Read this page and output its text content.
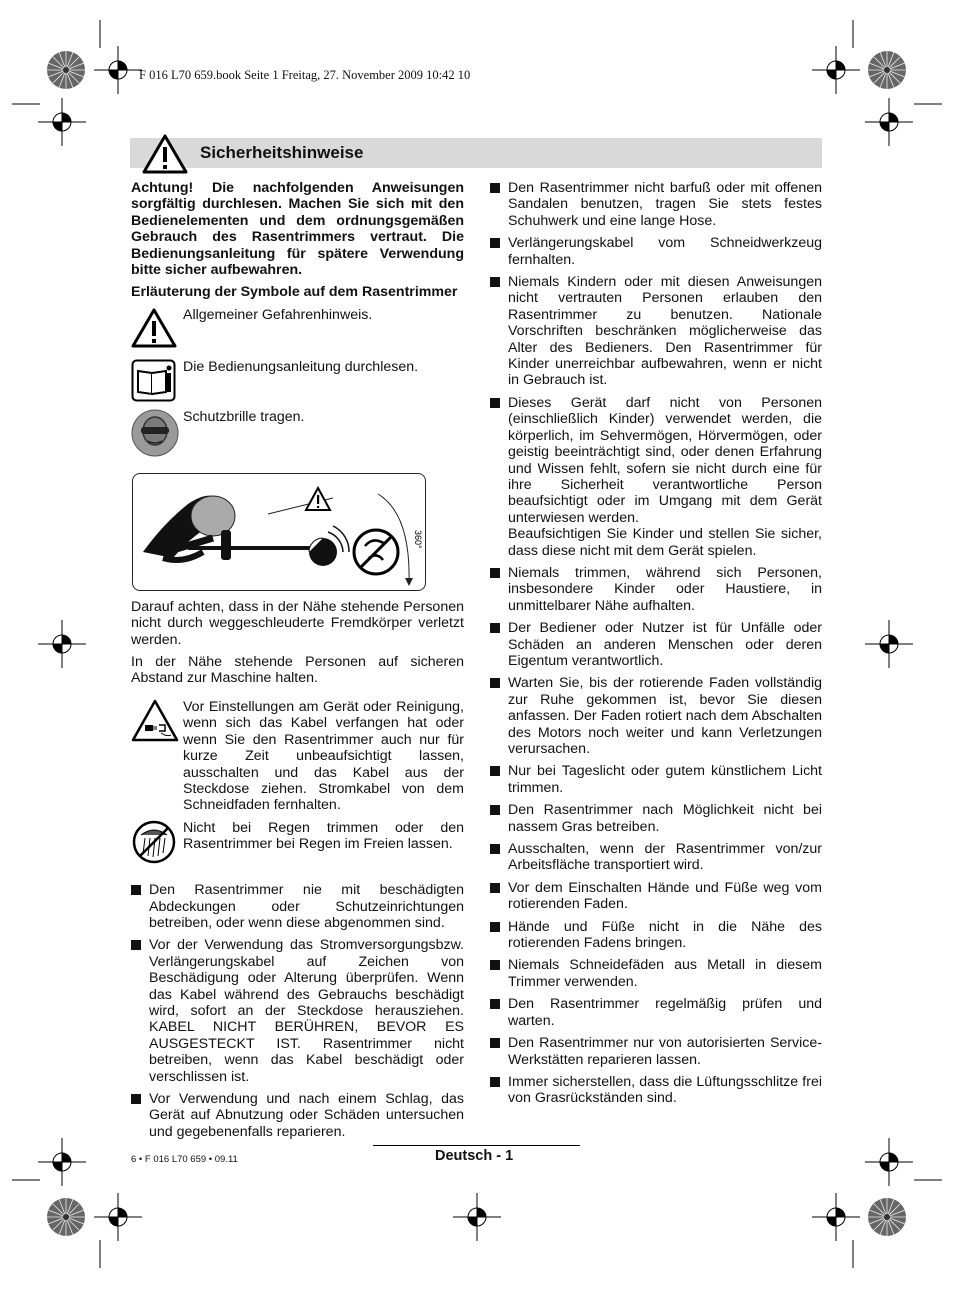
F 016 L70 659.book Seite 1 Freitag, 27. November 2009 10:42 10
Sicherheitshinweise

Achtung! Die nachfolgenden Anweisungen sorgfältig durchlesen. Machen Sie sich mit den Bedienelementen und dem ordnungsgemäßen Gebrauch des Rasentrimmers vertraut. Die Bedienungsanleitung für spätere Verwendung bitte sicher aufbewahren.

Erläuterung der Symbole auf dem Rasentrimmer

Allgemeiner Gefahrenhinweis.
Die Bedienungsanleitung durchlesen.
Schutzbrille tragen.
360°

Darauf achten, dass in der Nähe stehende Personen nicht durch weggeschleuderte Fremdkörper verletzt werden.

In der Nähe stehende Personen auf sicheren Abstand zur Maschine halten.

Vor Einstellungen am Gerät oder Reinigung, wenn sich das Kabel verfangen hat oder wenn Sie den Rasentrimmer auch nur für kurze Zeit unbeaufsichtigt lassen, ausschalten und das Kabel aus der Steckdose ziehen. Stromkabel von dem Schneidfaden fernhalten.
Nicht bei Regen trimmen oder den Rasentrimmer bei Regen im Freien lassen.
Den Rasentrimmer nie mit beschädigten Abdeckungen oder Schutzeinrichtungen betreiben, oder wenn diese abgenommen sind.
Vor der Verwendung das Stromversorgungsbzw. Verlängerungskabel auf Zeichen von Beschädigung oder Alterung überprüfen. Wenn das Kabel während des Gebrauchs beschädigt wird, sofort an der Steckdose herausziehen. KABEL NICHT BERÜHREN, BEVOR ES AUSGESTECKT IST. Rasentrimmer nicht betreiben, wenn das Kabel beschädigt oder verschlissen ist.
Vor Verwendung und nach einem Schlag, das Gerät auf Abnutzung oder Schäden untersuchen und gegebenenfalls reparieren.
Den Rasentrimmer nicht barfuß oder mit offenen Sandalen benutzen, tragen Sie stets festes Schuhwerk und eine lange Hose.
Verlängerungskabel vom Schneidwerkzeug fernhalten.
Niemals Kindern oder mit diesen Anweisungen nicht vertrauten Personen erlauben den Rasentrimmer zu benutzen. Nationale Vorschriften beschränken möglicherweise das Alter des Bedieners. Den Rasentrimmer für Kinder unerreichbar aufbewahren, wenn er nicht in Gebrauch ist.
Dieses Gerät darf nicht von Personen (einschließlich Kinder) verwendet werden, die körperlich, im Sehvermögen, Hörvermögen, oder geistig beeinträchtigt sind, oder denen Erfahrung und Wissen fehlt, sofern sie nicht durch eine für ihre Sicherheit verantwortliche Person beaufsichtigt oder im Umgang mit dem Gerät unterwiesen werden.
Beaufsichtigen Sie Kinder und stellen Sie sicher, dass diese nicht mit dem Gerät spielen.
Niemals trimmen, während sich Personen, insbesondere Kinder oder Haustiere, in unmittelbarer Nähe aufhalten.
Der Bediener oder Nutzer ist für Unfälle oder Schäden an anderen Menschen oder deren Eigentum verantwortlich.
Warten Sie, bis der rotierende Faden vollständig zur Ruhe gekommen ist, bevor Sie diesen anfassen. Der Faden rotiert nach dem Abschalten des Motors noch weiter und kann Verletzungen verursachen.
Nur bei Tageslicht oder gutem künstlichem Licht trimmen.
Den Rasentrimmer nach Möglichkeit nicht bei nassem Gras betreiben.
Ausschalten, wenn der Rasentrimmer von/zur Arbeitsfläche transportiert wird.
Vor dem Einschalten Hände und Füße weg vom rotierenden Faden.
Hände und Füße nicht in die Nähe des rotierenden Fadens bringen.
Niemals Schneidefäden aus Metall in diesem Trimmer verwenden.
Den Rasentrimmer regelmäßig prüfen und warten.
Den Rasentrimmer nur von autorisierten Service-Werkstätten reparieren lassen.
Immer sicherstellen, dass die Lüftungsschlitze frei von Grasrückständen sind.
6 • F 016 L70 659 • 09.11	Deutsch - 1
